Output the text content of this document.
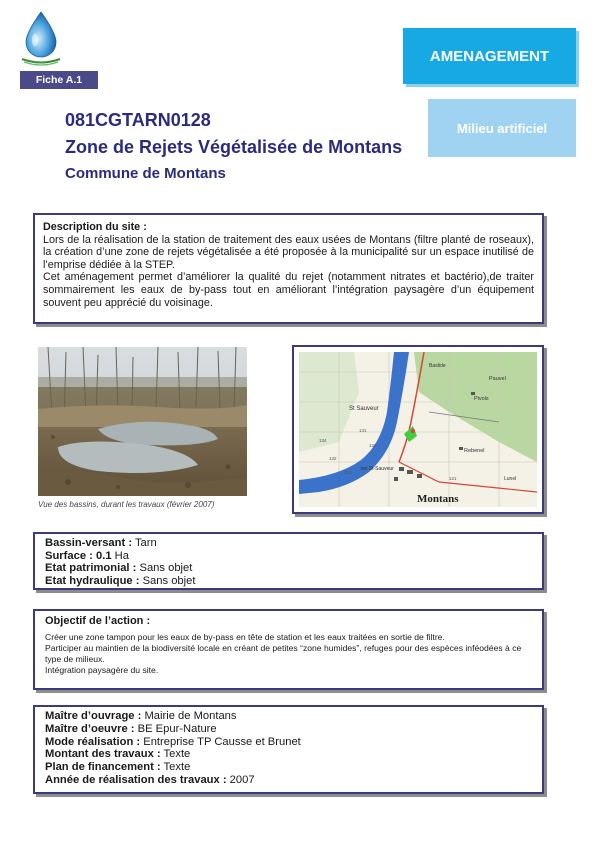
Fiche A.1
AMENAGEMENT
Milieu artificiel
081CGTARN0128
Zone de Rejets Végétalisée de Montans
Commune de Montans
Description du site :

Lors de la réalisation de la station de traitement des eaux usées de Montans (filtre planté de roseaux), la création d’une zone de rejets végétalisée a été proposée à la municipalité sur un espace inutilisé de l’emprise dédiée à la STEP.

Cet aménagement permet d’améliorer la qualité du rejet (notamment nitrates et bactério),de traiter sommairement les eaux de by-pass tout en améliorant l’intégration paysagère d’un équipement souvent peu apprécié du voisinage.

Vue des bassins, durant les travaux (février 2007)
St Sauveur
Montans
Rebenel
Pivols
Pauvel
les St-Sauveur
Bastide
Lunel
131
131
132
133
134
121
Bassin-versant : Tarn
Surface : 0.1 Ha
Etat patrimonial : Sans objet
Etat hydraulique : Sans objet
Objectif de l’action :

Créer une zone tampon pour les eaux de by-pass en tête de station et les eaux traitées en sortie de filtre.

Participer au maintien de la biodiversité locale en créant de petites “zone humides”, refuges pour des espèces inféodées à ce type de milieux.

Intégration paysagère du site.

Maître d’ouvrage : Mairie de Montans
Maître d’oeuvre : BE Epur-Nature
Mode réalisation : Entreprise TP Causse et Brunet
Montant des travaux : Texte
Plan de financement : Texte
Année de réalisation des travaux : 2007
